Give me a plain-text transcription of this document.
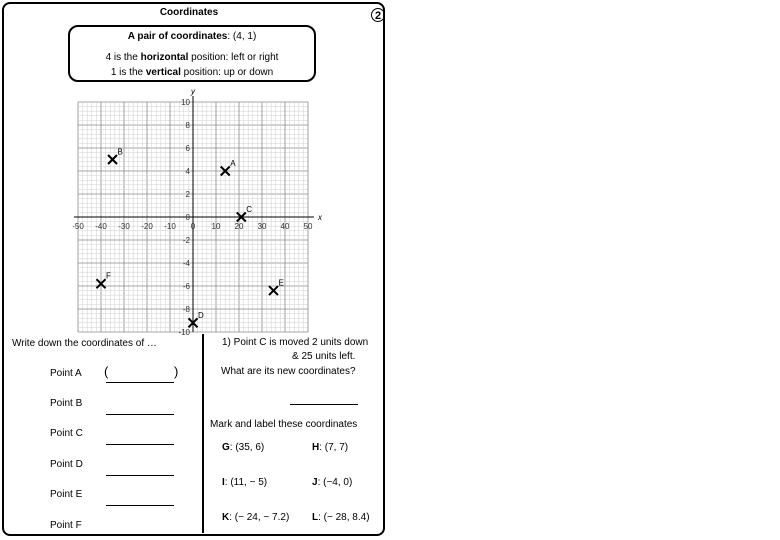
Coordinates	2
A pair of coordinates: (4, 1)
4 is the horizontal position: left or right
1 is the vertical position: up or down
x
y
-50 -40 -30 -20 -10 0 10 20 30 40 50
10
8
6
4
2
-2
-4
-6
-8
-10
0
A
B
C
D
E
F
Write down the coordinates of …
Point A (	)
Point B
Point C
Point D
Point E
Point F
1) Point C is moved 2 units down
& 25 units left.
What are its new coordinates?
Mark and label these coordinates
G: (35, 6)	H: (7, 7)
I: (11, − 5)	J: (−4, 0)
K: (− 24, − 7.2) L: (− 28, 8.4)
